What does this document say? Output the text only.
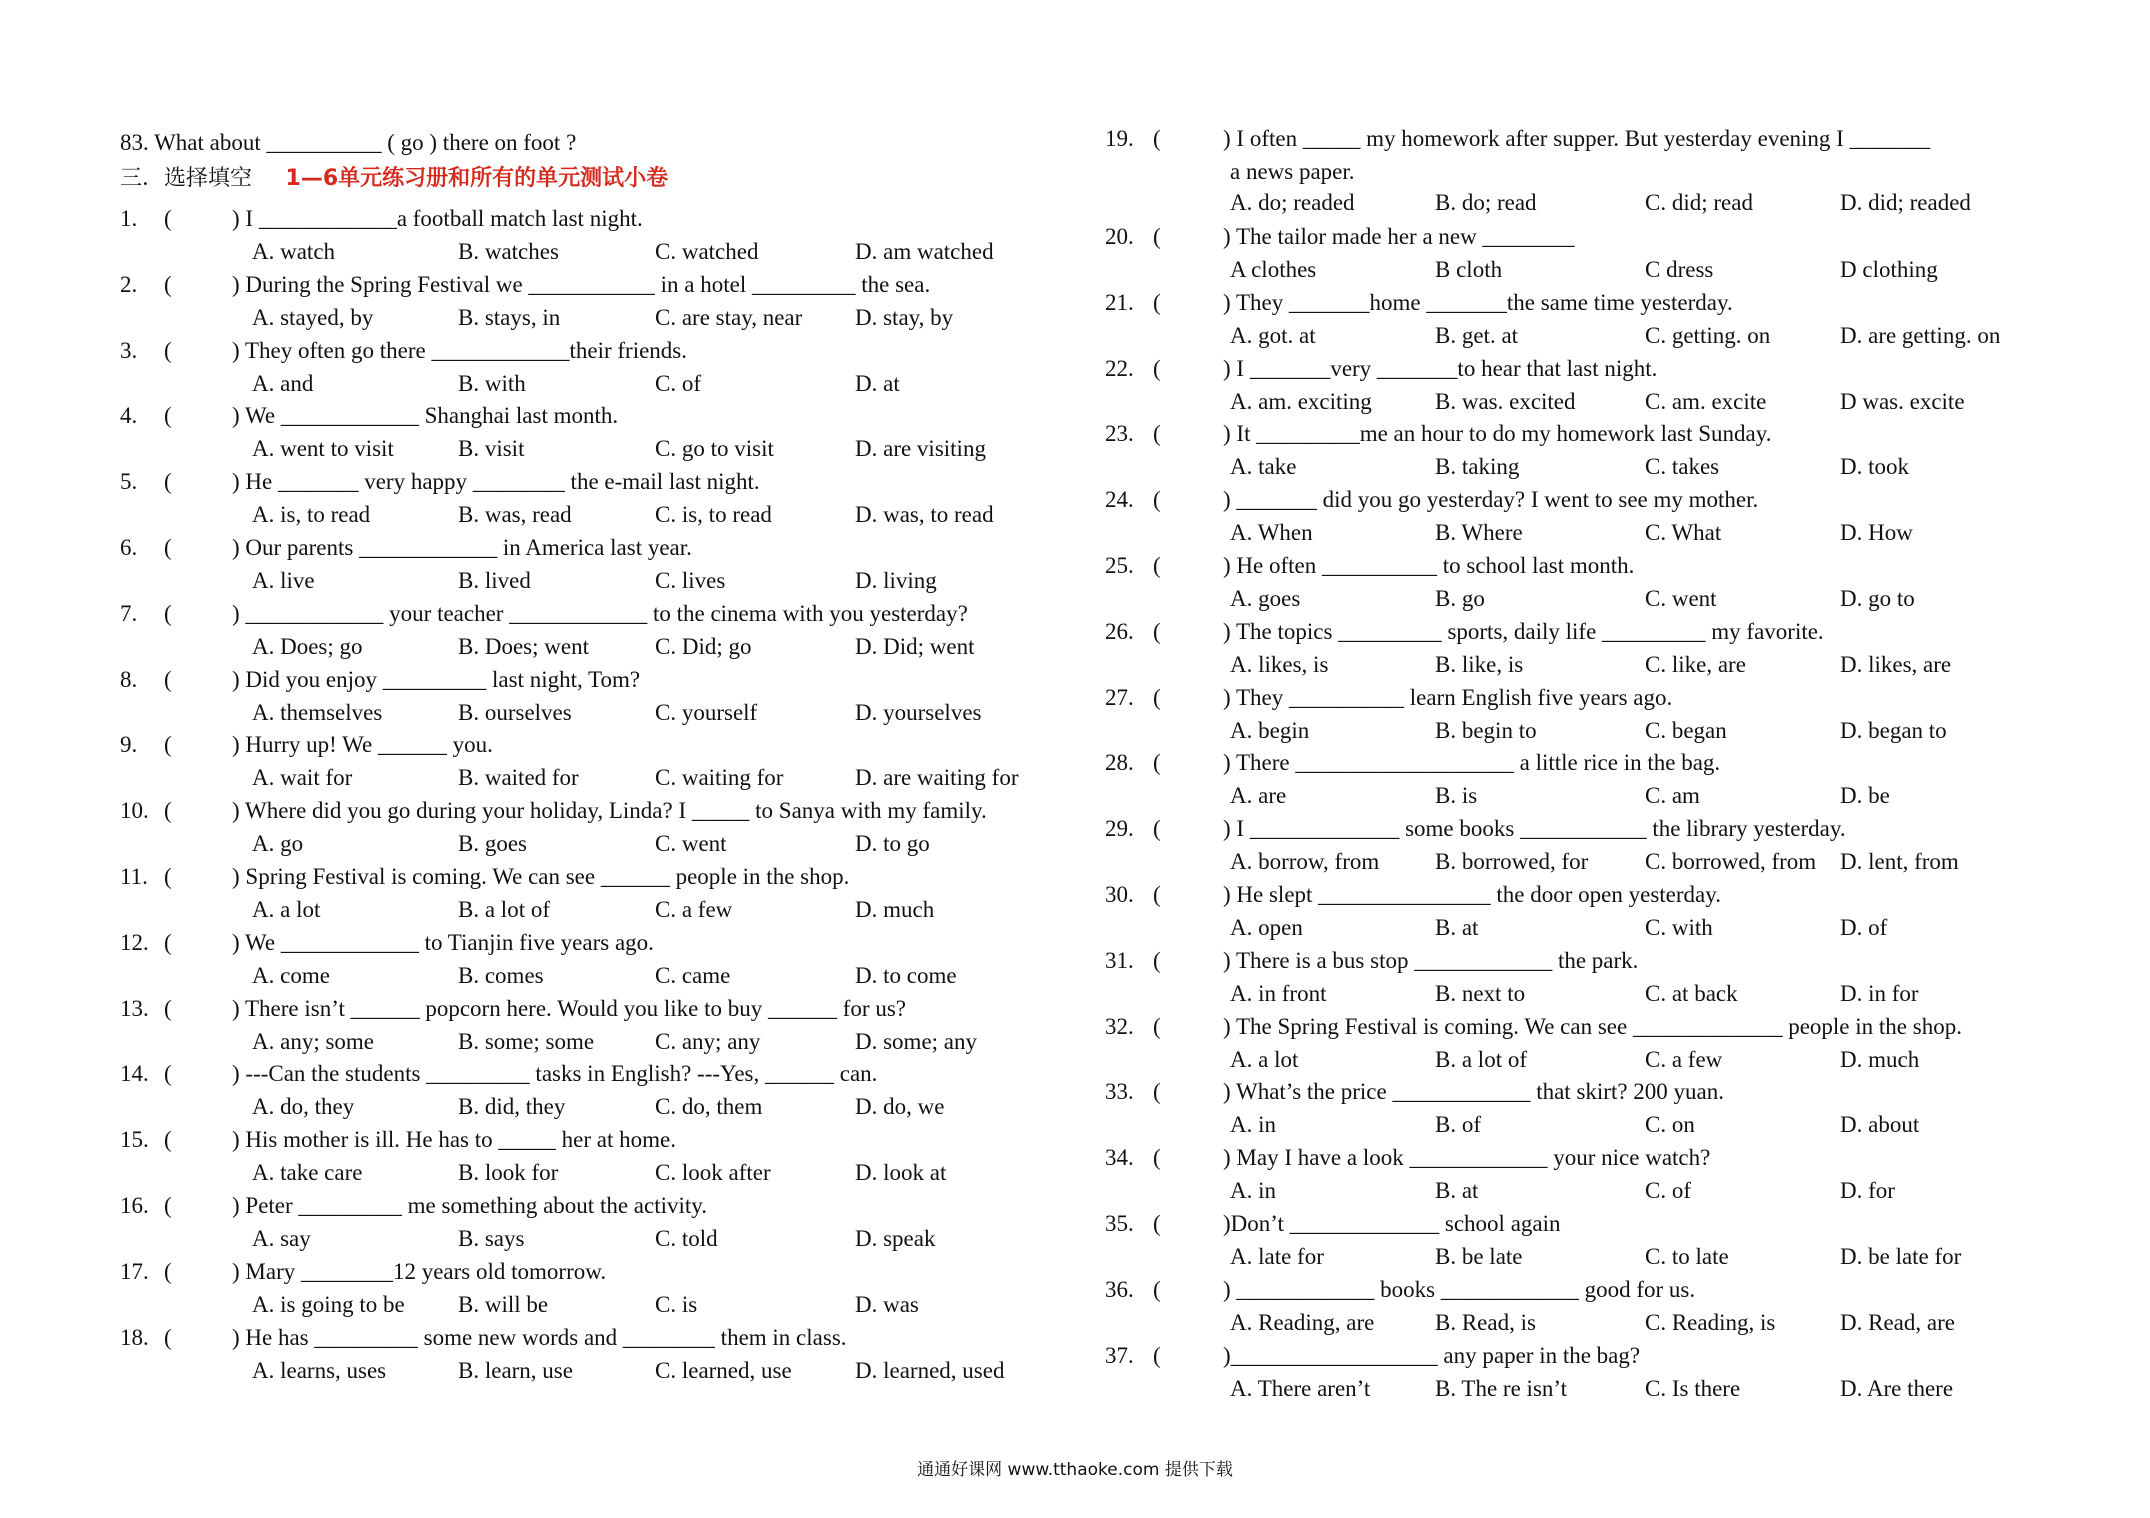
83. What about __________ ( go ) there on foot ?
三．选择填空 1—6单元练习册和所有的单元测试小卷
1. (	) I ____________a football match last night.
A. watch	B. watches	C. watched	D. am watched
2. (	) During the Spring Festival we ___________ in a hotel _________ the sea.
A. stayed, by	B. stays, in	C. are stay, near D. stay, by
3. (	) They often go there ____________their friends.
A. and	B. with	C. of	D. at
4. (	) We ____________ Shanghai last month.
A. went to visit	B. visit	C. go to visit	D. are visiting
5. (	) He _______ very happy ________ the e-mail last night.
A. is, to read	B. was, read	C. is, to read	D. was, to read
6. (	) Our parents ____________ in America last year.
A. live	B. lived	C. lives	D. living
7. (	) ____________ your teacher ____________ to the cinema with you yesterday?
A. Does; go	B. Does; went	C. Did; go	D. Did; went
8. (	) Did you enjoy _________ last night, Tom?
A. themselves	B. ourselves	C. yourself	D. yourselves
9. (	) Hurry up! We ______ you.
A. wait for	B. waited for	C. waiting for	D. are waiting for
10. (	) Where did you go during your holiday, Linda? I _____ to Sanya with my family.
A. go	B. goes	C. went	D. to go
11. (	) Spring Festival is coming. We can see ______ people in the shop.
A. a lot	B. a lot of	C. a few	D. much
12. (	) We ____________ to Tianjin five years ago.
A. come	B. comes	C. came	D. to come
13. (	) There isn’t ______ popcorn here. Would you like to buy ______ for us?
A. any; some	B. some; some	C. any; any	D. some; any
14. (	) ---Can the students _________ tasks in English? ---Yes, ______ can.
A. do, they	B. did, they	C. do, them	D. do, we
15. (	) His mother is ill. He has to _____ her at home.
A. take care	B. look for	C. look after	D. look at
16. (	) Peter _________ me something about the activity.
A. say	B. says	C. told	D. speak
17. (	) Mary ________12 years old tomorrow.
A. is going to be B. will be	C. is	D. was
18. (	) He has _________ some new words and ________ them in class.
A. learns, uses	B. learn, use	C. learned, use	D. learned, used
19. (	) I often _____ my homework after supper. But yesterday evening I _______
a news paper.
A. do; readed	B. do; read	C. did; read	D. did; readed
20. (	) The tailor made her a new ________
A clothes	B cloth	C dress	D clothing
21. (	) They _______home _______the same time yesterday.
A. got. at	B. get. at	C. getting. on	D. are getting. on
22. (	) I _______very _______to hear that last night.
A. am. exciting	B. was. excited	C. am. excite	D was. excite
23. (	) It _________me an hour to do my homework last Sunday.
A. take	B. taking	C. takes	D. took
24. (	) _______ did you go yesterday? I went to see my mother.
A. When	B. Where	C. What	D. How
25. (	) He often __________ to school last month.
A. goes	B. go	C. went	D. go to
26. (	) The topics _________ sports, daily life _________ my favorite.
A. likes, is	B. like, is	C. like, are	D. likes, are
27. (	) They __________ learn English five years ago.
A. begin	B. begin to	C. began	D. began to
28. (	) There ___________________ a little rice in the bag.
A. are	B. is	C. am	D. be
29. (	) I _____________ some books ___________ the library yesterday.
A. borrow, from B. borrowed, for C. borrowed, from D. lent, from
30. (	) He slept _______________ the door open yesterday.
A. open	B. at	C. with	D. of
31. (	) There is a bus stop ____________ the park.
A. in front	B. next to	C. at back	D. in for
32. (	) The Spring Festival is coming. We can see _____________ people in the shop.
A. a lot	B. a lot of	C. a few	D. much
33. (	) What’s the price ____________ that skirt? 200 yuan.
A. in	B. of	C. on	D. about
34. (	) May I have a look ____________ your nice watch?
A. in	B. at	C. of	D. for
35. (	)Don’t _____________ school again
A. late for	B. be late	C. to late	D. be late for
36. (	) ____________ books ____________ good for us.
A. Reading, are	B. Read, is	C. Reading, is	D. Read, are
37. (	)__________________ any paper in the bag?
A. There aren’t	B. The re isn’t	C. Is there	D. Are there
通通好课网 www.tthaoke.com 提供下载
